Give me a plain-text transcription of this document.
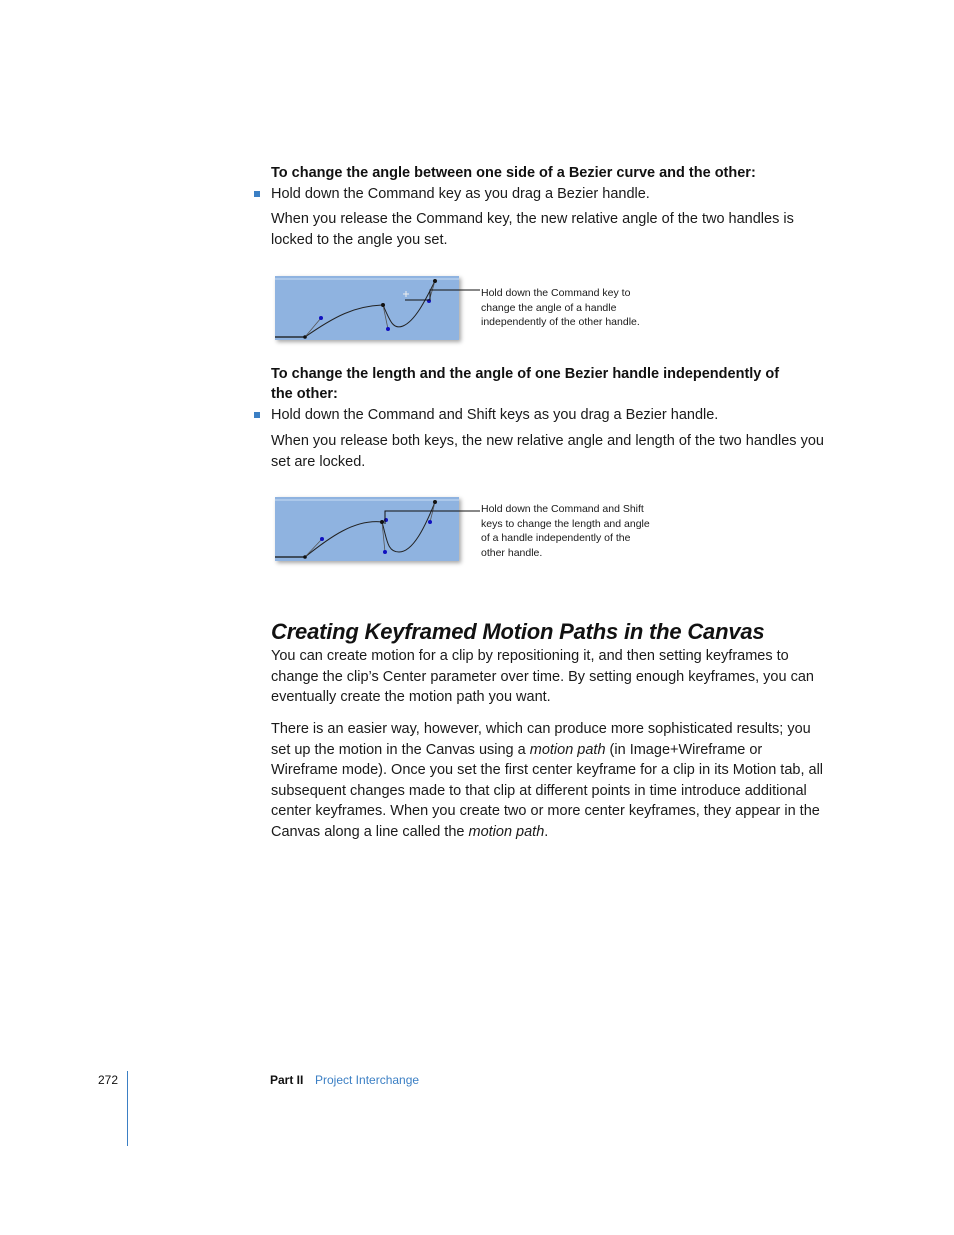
To change the angle between one side of a Bezier curve and the other:
Hold down the Command key as you drag a Bezier handle.
When you release the Command key, the new relative angle of the two handles is locked to the angle you set.
Hold down the Command key to
change the angle of a handle
independently of the other handle.
To change the length and the angle of one Bezier handle independently of
the other:
Hold down the Command and Shift keys as you drag a Bezier handle.
When you release both keys, the new relative angle and length of the two handles you set are locked.
Hold down the Command and Shift
keys to change the length and angle
of a handle independently of the
other handle.
Creating Keyframed Motion Paths in the Canvas
You can create motion for a clip by repositioning it, and then setting keyframes to change the clip’s Center parameter over time. By setting enough keyframes, you can eventually create the motion path you want.
There is an easier way, however, which can produce more sophisticated results; you set up the motion in the Canvas using a motion path (in Image+Wireframe or Wireframe mode). Once you set the first center keyframe for a clip in its Motion tab, all subsequent changes made to that clip at different points in time introduce additional center keyframes. When you create two or more center keyframes, they appear in the Canvas along a line called the motion path.
272	Part II Project Interchange
